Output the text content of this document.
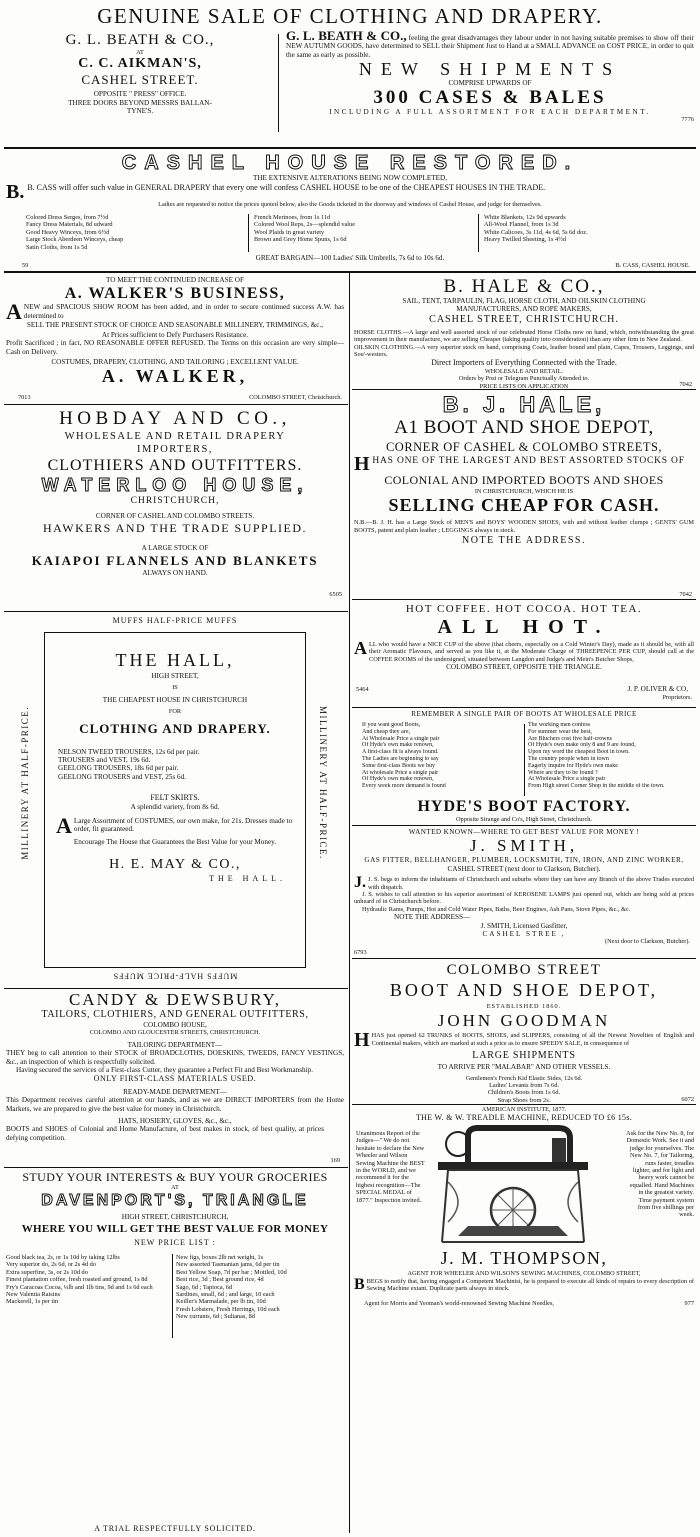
GENUINE SALE OF CLOTHING AND DRAPERY.
G. L. BEATH & CO.,
AT
C. C. AIKMAN'S,
CASHEL STREET.
OPPOSITE " PRESS" OFFICE.
THREE DOORS BEYOND MESSRS BALLAN-
TYNE'S.
G. L. BEATH & CO., feeling the great disadvantages they labour under in not having suitable premises to show off their NEW AUTUMN GOODS, have determined to SELL their Shipment Just to Hand at a SMALL ADVANCE on COST PRICE, in order to quit the same as early as possible.
NEW SHIPMENTS
COMPRISE UPWARDS OF
300 CASES & BALES
INCLUDING A FULL ASSORTMENT FOR EACH DEPARTMENT.
7776
CASHEL HOUSE RESTORED.
THE EXTENSIVE ALTERATIONS BEING NOW COMPLETED,
B. B. CASS will offer such value in GENERAL DRAPERY that every one will confess CASHEL HOUSE to be one of the CHEAPEST HOUSES IN THE TRADE.
Ladies are requested to notice the prices quoted below, also the Goods ticketed in the doorway and windows of Cashel House, and judge for themselves.
Colored Dress Serges, from 7½d
Fancy Dress Materials, 8d udward
Good Heavy Winceys, from 6½d
Large Stock Aberdeen Winceys, cheap
Satin Cloths, from 1s 5d
French Merinoes, from 1s 11d
Colored Wool Reps, 2s—splendid value
Wool Plaids in great variety
Brown and Grey Home Spuns, 1s 6d
White Blankets, 12s 9d upwards
All-Wool Flannel, from 1s 3d
White Calicoes, 3s 11d, 4s 6d, 5s 6d doz.
Heavy Twilled Sheeting, 1s 4½d
GREAT BARGAIN—100 Ladies' Silk Umbrells, 7s 6d to 10s 6d.
59	B. CASS, CASHEL HOUSE.
TO MEET THE CONTINUED INCREASE OF
A. WALKER'S BUSINESS,
ANEW and SPACIOUS SHOW ROOM has been added, and in order to secure continued success A.W. has determined to
SELL THE PRESENT STOCK OF CHOICE AND SEASONABLE MILLINERY, TRIMMINGS, &c.,
At Prices sufficient to Defy Purchasers Resistance.
Profit Sacrificed ; in fact, NO REASONABLE OFFER REFUSED. The Terms on this occasion are very simple—Cash on Delivery.
COSTUMES, DRAPERY, CLOTHING, AND TAILORING ; EXCELLENT VALUE.
A. WALKER,
7013	COLOMBO STREET, Christchurch.
HOBDAY AND CO.,
WHOLESALE AND RETAIL DRAPERY
IMPORTERS,
CLOTHIERS AND OUTFITTERS.
WATERLOO HOUSE,
CHRISTCHURCH,
CORNER OF CASHEL AND COLOMBO STREETS.
HAWKERS AND THE TRADE SUPPLIED.
A LARGE STOCK OF
KAIAPOI FLANNELS AND BLANKETS
ALWAYS ON HAND.
6505
MUFFS HALF-PRICE MUFFS
MILLINERY AT HALF-PRICE.	MILLINERY AT HALF-PRICE.
THE HALL,
HIGH STREET,
IS
THE CHEAPEST HOUSE IN CHRISTCHURCH
FOR
CLOTHING AND DRAPERY.
NELSON TWEED TROUSERS, 12s 6d per pair.
TROUSERS and VEST, 19s 6d.
GEELONG TROUSERS, 18s 6d per pair.
GEELONG TROUSERS and VEST, 25s 6d.
FELT SKIRTS.
A splendid variety, from 8s 6d.
A Large Assortment of COSTUMES, our own make, for 21s. Dresses made to order, fit guaranteed.
Encourage The House that Guarantees the Best Value for your Money.
H. E. MAY & CO.,
THE HALL.
MUFFS HALF-PRICE MUFFS
CANDY & DEWSBURY,
TAILORS, CLOTHIERS, AND GENERAL OUTFITTERS,
COLOMBO HOUSE,
COLOMBO AND GLOUCESTER STREETS, CHRISTCHURCH.
TAILORING DEPARTMENT—
THEY beg to call attention to their STOCK of BROADCLOTHS, DOESKINS, TWEEDS, FANCY VESTINGS, &c., an inspection of which is respectfully solicited.
Having secured the services of a First-class Cutter, they guarantee a Perfect Fit and Best Workmanship.
ONLY FIRST-CLASS MATERIALS USED.
READY-MADE DEPARTMENT—
This Department receives careful attention at our hands, and as we are DIRECT IMPORTERS from the Home Markets, we are prepared to give the best value for money in Christchurch.
HATS, HOSIERY, GLOVES, &c., &c.,
BOOTS and SHOES of Colonial and Home Manufacture, of best makes in stock, of best quality, at prices defying competition.
169
STUDY YOUR INTERESTS & BUY YOUR GROCERIES
AT
DAVENPORT'S, TRIANGLE
HIGH STREET, CHRISTCHURCH,
WHERE YOU WILL GET THE BEST VALUE FOR MONEY
NEW PRICE LIST :
Good black tea, 2s, or 1s 10d by taking 12lbs
Very superior do, 2s 6d, or 2s 4d do
Extra superfine, 3s, or 2s 10d do
Finest plantation coffee, fresh roasted and ground, 1s 8d
Fry's Caracoas Cocoa, ¼lb and 1lb tins, 9d and 1s 6d each
New Valentia Raisins
Mackerell, 1s per tin
New figs, boxes 2lb net weight, 1s
New assorted Tasmanian jams, 6d per tin
Best Yellow Soap, 7d per bar ; Mottled, 10d
Best rice, 3d ; Best ground rice, 4d
Sago, 6d ; Tapioca, 6d
Sardines, small, 6d ; and large, 10 each
Keiller's Marmalade, per lb tin, 10d
Fresh Lobsters, Fresh Herrings, 10d each
New currants, 6d ; Sultanas, 8d
A TRIAL RESPECTFULLY SOLICITED.
B. HALE & CO.,
SAIL, TENT, TARPAULIN, FLAG, HORSE CLOTH, AND OILSKIN CLOTHING
MANUFACTURERS, AND ROPE MAKERS,
CASHEL STREET, CHRISTCHURCH.
HORSE CLOTHS.—A large and well assorted stock of our celebrated Horse Cloths now on hand, which, notwithstanding the great improvement in their manufacture, we are selling Cheaper (taking quality into consideration) than any other firm in New Zealand.
OILSKIN CLOTHING.—A very superior stock on hand, comprising Coats, leather bound and plain, Capes, Trousers, Leggings, and Sou'-westers.
Direct Importers of Everything Connected with the Trade.
WHOLESALE AND RETAIL.
Orders by Post or Telegram Punctually Attended to.
PRICE LISTS ON APPLICATION	7042
B. J. HALE,
A1 BOOT AND SHOE DEPOT,
CORNER OF CASHEL & COLOMBO STREETS,
HHAS ONE OF THE LARGEST AND BEST ASSORTED STOCKS OF
COLONIAL AND IMPORTED BOOTS AND SHOES
IN CHRISTCHURCH, WHICH HE IS
SELLING CHEAP FOR CASH.
N.B.—B. J. H. has a Large Stock of MEN'S and BOYS' WOODEN SHOES, with and without leather clumps ; GENTS' GUM BOOTS, patent and plain leather ; LEGGINGS always in stock.
NOTE THE ADDRESS.
7042
HOT COFFEE. HOT COCOA. HOT TEA.
ALL HOT.
ALL who would have a NICE CUP of the above (that cheers, especially on a Cold Winter's Day), made as it should be, with all their Aromatic Flavours, and served as you like it, at the Moderate Charge of THREEPENCE PER CUP, should call at the COFFEE ROOMS of the undersigned, situated between Langdon and Judge's and Mein's Butcher Shops,
COLOMBO STREET, OPPOSITE THE TRIANGLE.
5464	J. P. OLIVER & CO,
Proprietors.
REMEMBER A SINGLE PAIR OF BOOTS AT WHOLESALE PRICE
If you want good Boots,
And cheap they are,
At Wholesale Price a single pair
Of Hyde's own make renown,
A first-class fit is always found.
The Ladies are beginning to say
Some first-class Boots we buy
At wholesale Price a single pair
Of Hyde's own make renown,
Every week more demand is found
The working men confess
For summer wear the best,
Are Bluchers cost five half-crowns
Of Hyde's own make only 8 and 9 are found,
Upon my word the cheapest Boot in town.
The country people when in town
Eagerly inquire for Hyde's own make
Where are they to be found ?
At Wholesale Price a single pair
From High street Corner Shop in the middle of the town.
HYDE'S BOOT FACTORY.
Opposite Strange and Co's, High Street, Christchurch.
WANTED KNOWN—WHERE TO GET BEST VALUE FOR MONEY !
J. SMITH,
GAS FITTER, BELLHANGER, PLUMBER, LOCKSMITH, TIN, IRON, AND ZINC WORKER,
CASHEL STREET (next door to Clarkson, Butcher).
J. J. S. begs to inform the inhabitants of Christchurch and suburbs where they can have any Branch of the above Trades executed with dispatch.
J. S. wishes to call attention to his superior assortment of KEROSENE LAMPS just opened out, which are being sold at prices unheard of in Christchurch before.
Hydraulic Rams, Pumps, Hot and Cold Water Pipes, Baths, Beer Engines, Ash Pans, Stove Pipes, &c., &c.
NOTE THE ADDRESS—
J. SMITH, Licensed Gasfitter,
CASHEL STREE ,
(Next door to Clarkson, Butcher).
6793
COLOMBO STREET
BOOT AND SHOE DEPOT,
ESTABLISHED 1860.
JOHN GOODMAN
HHAS just opened 62 TRUNKS of BOOTS, SHOES, and SLIPPERS, consisting of all the Newest Novelties of English and Continental makers, which are marked at such a price as to ensure SPEEDY SALE, in consequence of
LARGE SHIPMENTS
TO ARRIVE PER "MALABAR" AND OTHER VESSELS.
Gentlemen's French Kid Elastic Sides, 12s 6d.
Ladies' Levants from 7s 6d.
Children's Boots from 1s 6d.
Strap Shoes from 2s.	6072
AMERICAN INSTITUTE, 1877.
THE W. & W. TREADLE MACHINE, REDUCED TO £6 15s.
Unanimous Report of the Judges—" We do not hesitate to declare the New Wheeler and Wilson Sewing Machine the BEST in the WORLD, and we recommend it for the highest recognition—The SPECIAL MEDAL of 1877." Inspection invited.
Ask for the New No. 8, for Domestic Work. See it and judge for yourselves. The New No. 7, for Tailoring, runs faster, treadles lighter, and for light and heavy work cannot be equalled. Hand Machines in the greatest variety. Time payment system from five shillings per week.
J. M. THOMPSON,
AGENT FOR WHEELER AND WILSON'S SEWING MACHINES, COLOMBO STREET,
BBEGS to notify that, having engaged a Competent Machinist, he is prepared to execute all kinds of repairs to every description of Sewing Machine extant. Duplicate parts always in stock.
Agent for Morris and Yeoman's world-renowned Sewing Machine Needles,	977
